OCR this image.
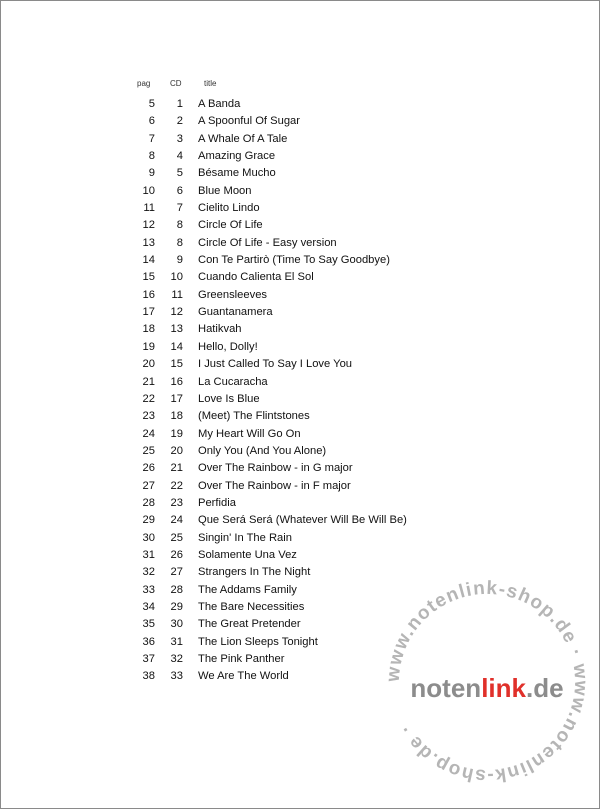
pag CD	title
5	1 A Banda
6	2 A Spoonful Of Sugar
7	3 A Whale Of A Tale
8	4 Amazing Grace
9	5 Bésame Mucho
10	6 Blue Moon
11	7 Cielito Lindo
12	8 Circle Of Life
13	8 Circle Of Life - Easy version
14	9 Con Te Partirò (Time To Say Goodbye)
15	10 Cuando Calienta El Sol
16	11 Greensleeves
17	12 Guantanamera
18	13 Hatikvah
19	14 Hello, Dolly!
20	15 I Just Called To Say I Love You
21	16 La Cucaracha
22	17 Love Is Blue
23	18 (Meet) The Flintstones
24	19 My Heart Will Go On
25	20 Only You (And You Alone)
26	21 Over The Rainbow - in G major
27	22 Over The Rainbow - in F major
28	23 Perfidia
29	24 Que Será Será (Whatever Will Be Will Be)
30	25 Singin' In The Rain
31	26 Solamente Una Vez
32	27 Strangers In The Night
33	28 The Addams Family
34	29 The Bare Necessities
35	30 The Great Pretender
36	31 The Lion Sleeps Tonight
37	32 The Pink Panther
38	33 We Are The World	www.notenlink-shop.de · www.notenlink-shop.de ·
notenlink.de
